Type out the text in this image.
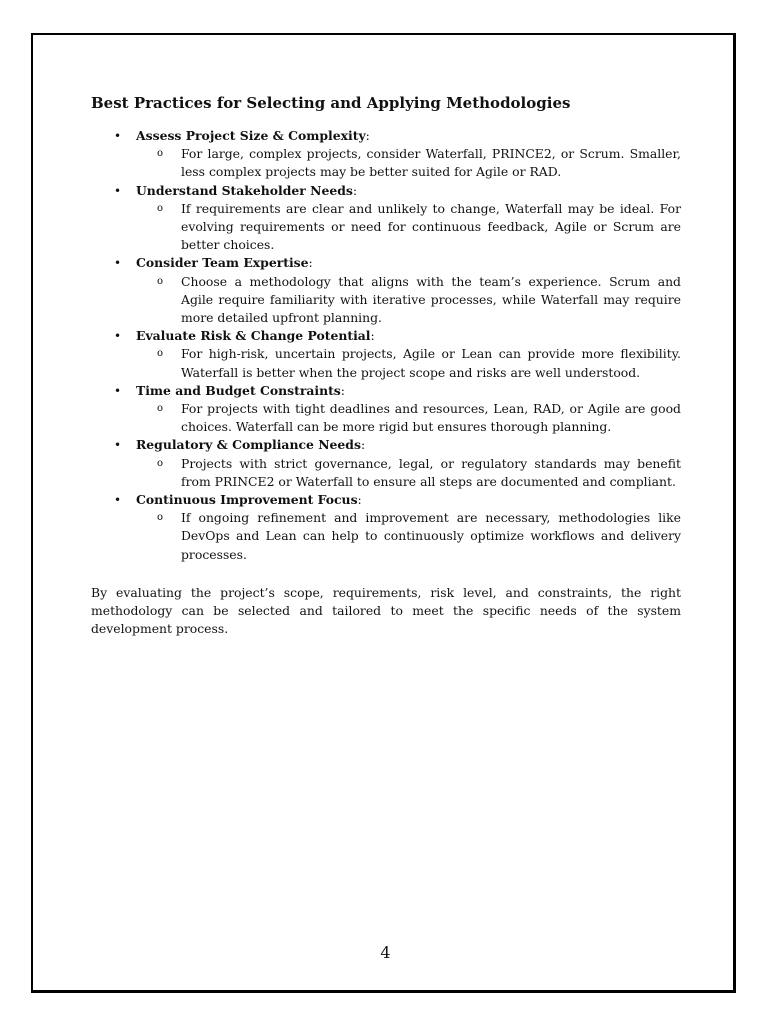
Best Practices for Selecting and Applying Methodologies
• Assess Project Size & Complexity:
o For large, complex projects, consider Waterfall, PRINCE2, or Scrum. Smaller, less complex projects may be better suited for Agile or RAD.
• Understand Stakeholder Needs:
o If requirements are clear and unlikely to change, Waterfall may be ideal. For evolving requirements or need for continuous feedback, Agile or Scrum are better choices.
• Consider Team Expertise:
o Choose a methodology that aligns with the team’s experience. Scrum and Agile require familiarity with iterative processes, while Waterfall may require more detailed upfront planning.
• Evaluate Risk & Change Potential:
o For high-risk, uncertain projects, Agile or Lean can provide more flexibility. Waterfall is better when the project scope and risks are well understood.
• Time and Budget Constraints:
o For projects with tight deadlines and resources, Lean, RAD, or Agile are good choices. Waterfall can be more rigid but ensures thorough planning.
• Regulatory & Compliance Needs:
o Projects with strict governance, legal, or regulatory standards may benefit from PRINCE2 or Waterfall to ensure all steps are documented and compliant.
• Continuous Improvement Focus:
o If ongoing refinement and improvement are necessary, methodologies like DevOps and Lean can help to continuously optimize workflows and delivery processes.

By evaluating the project’s scope, requirements, risk level, and constraints, the right methodology can be selected and tailored to meet the specific needs of the system development process.

4
